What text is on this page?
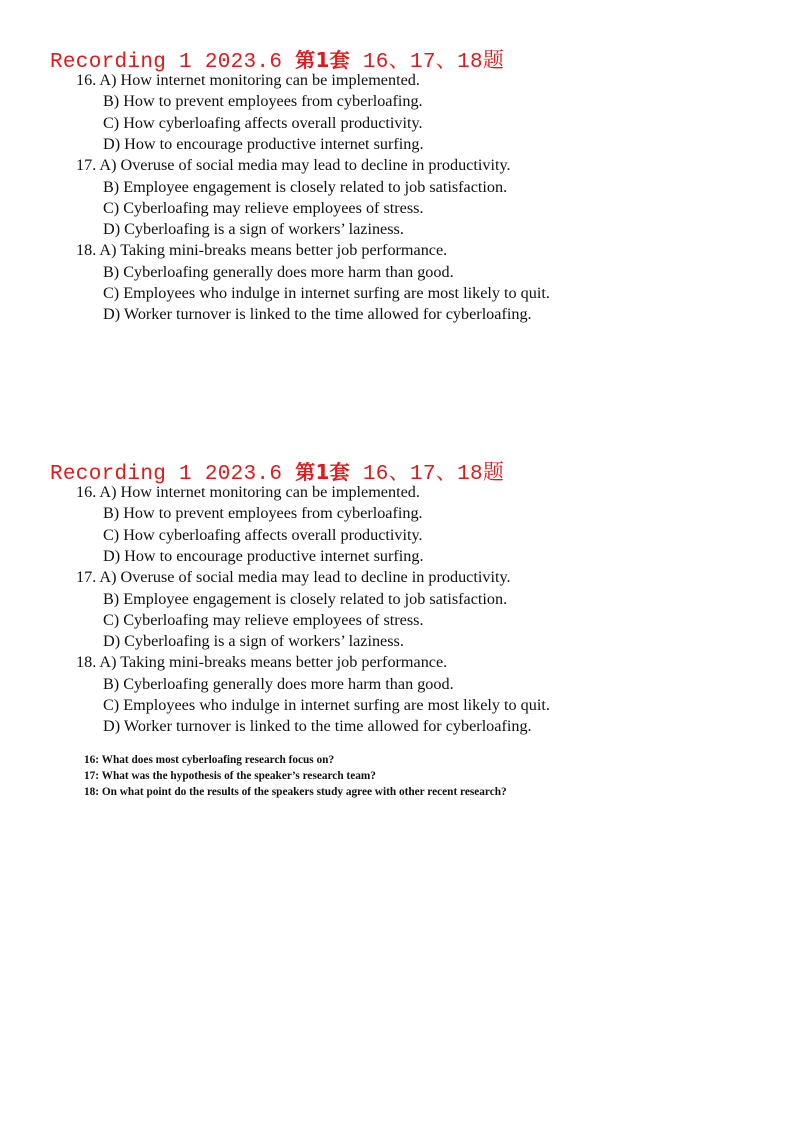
Recording 1 2023.6 第1套 16、17、18题
16. A) How internet monitoring can be implemented.
B) How to prevent employees from cyberloafing.
C) How cyberloafing affects overall productivity.
D) How to encourage productive internet surfing.
17. A) Overuse of social media may lead to decline in productivity.
B) Employee engagement is closely related to job satisfaction.
C) Cyberloafing may relieve employees of stress.
D) Cyberloafing is a sign of workers’ laziness.
18. A) Taking mini-breaks means better job performance.
B) Cyberloafing generally does more harm than good.
C) Employees who indulge in internet surfing are most likely to quit.
D) Worker turnover is linked to the time allowed for cyberloafing.
Recording 1 2023.6 第1套 16、17、18题
16. A) How internet monitoring can be implemented.
B) How to prevent employees from cyberloafing.
C) How cyberloafing affects overall productivity.
D) How to encourage productive internet surfing.
17. A) Overuse of social media may lead to decline in productivity.
B) Employee engagement is closely related to job satisfaction.
C) Cyberloafing may relieve employees of stress.
D) Cyberloafing is a sign of workers’ laziness.
18. A) Taking mini-breaks means better job performance.
B) Cyberloafing generally does more harm than good.
C) Employees who indulge in internet surfing are most likely to quit.
D) Worker turnover is linked to the time allowed for cyberloafing.
16: What does most cyberloafing research focus on?
17: What was the hypothesis of the speaker’s research team?
18: On what point do the results of the speakers study agree with other recent research?
